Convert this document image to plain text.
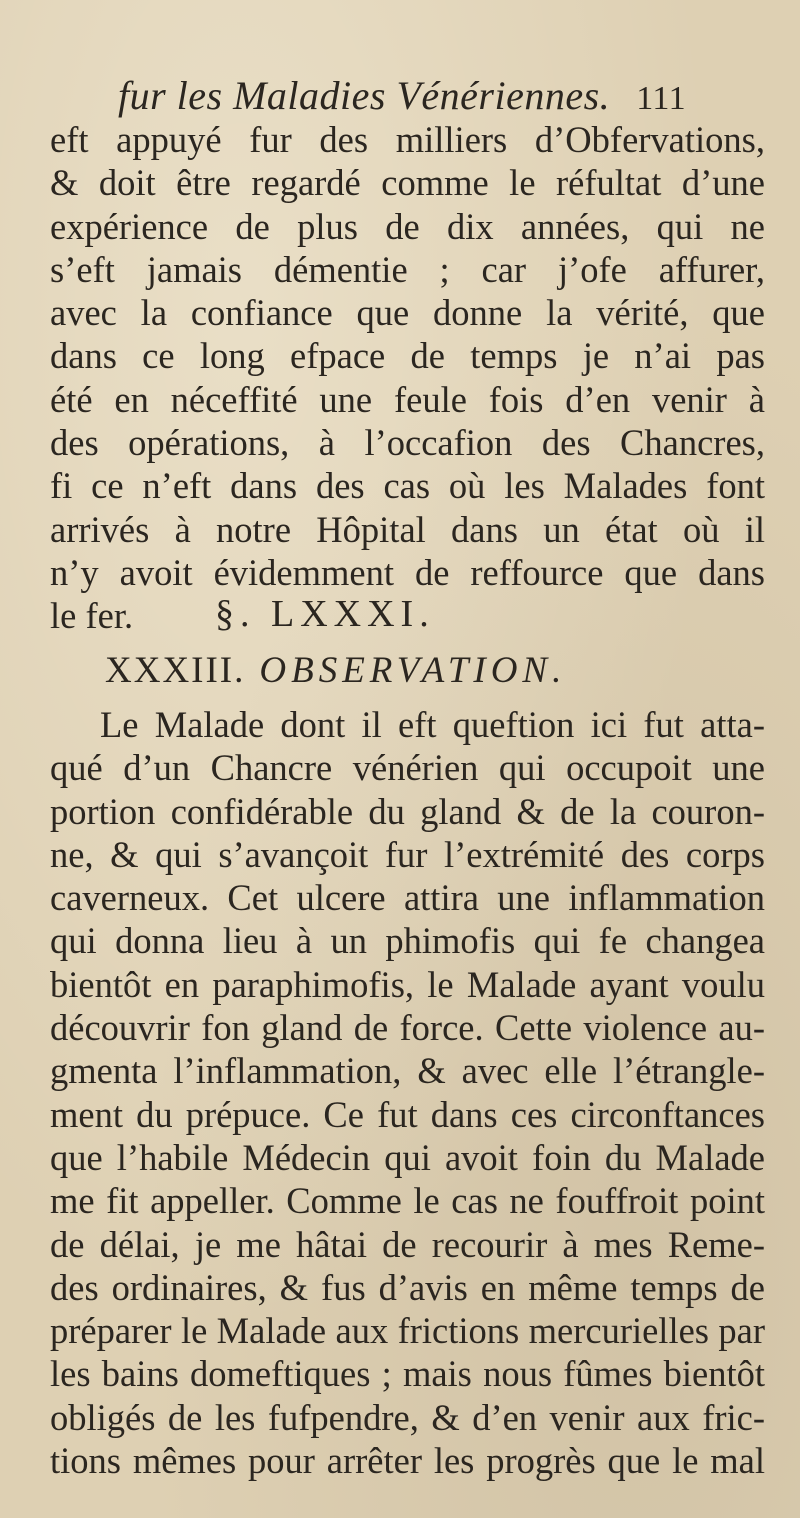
fur les Maladies Vénériennes. 111
eft appuyé fur des milliers d’Obfervations,
& doit être regardé comme le réfultat d’une
expérience de plus de dix années, qui ne
s’eft jamais démentie ; car j’ofe affurer,
avec la confiance que donne la vérité, que
dans ce long efpace de temps je n’ai pas
été en néceffité une feule fois d’en venir à
des opérations, à l’occafion des Chancres,
fi ce n’eft dans des cas où les Malades font
arrivés à notre Hôpital dans un état où il
n’y avoit évidemment de reffource que dans
le fer.	§. LXXXI.
XXXIII. OBSERVATION.
Le Malade dont il eft queftion ici fut atta-
qué d’un Chancre vénérien qui occupoit une
portion confidérable du gland & de la couron-
ne, & qui s’avançoit fur l’extrémité des corps
caverneux. Cet ulcere attira une inflammation
qui donna lieu à un phimofis qui fe changea
bientôt en paraphimofis, le Malade ayant voulu
découvrir fon gland de force. Cette violence au-
gmenta l’inflammation, & avec elle l’étrangle-
ment du prépuce. Ce fut dans ces circonftances
que l’habile Médecin qui avoit foin du Malade
me fit appeller. Comme le cas ne fouffroit point
de délai, je me hâtai de recourir à mes Reme-
des ordinaires, & fus d’avis en même temps de
préparer le Malade aux frictions mercurielles par
les bains domeftiques ; mais nous fûmes bientôt
obligés de les fufpendre, & d’en venir aux fric-
tions mêmes pour arrêter les progrès que le mal
